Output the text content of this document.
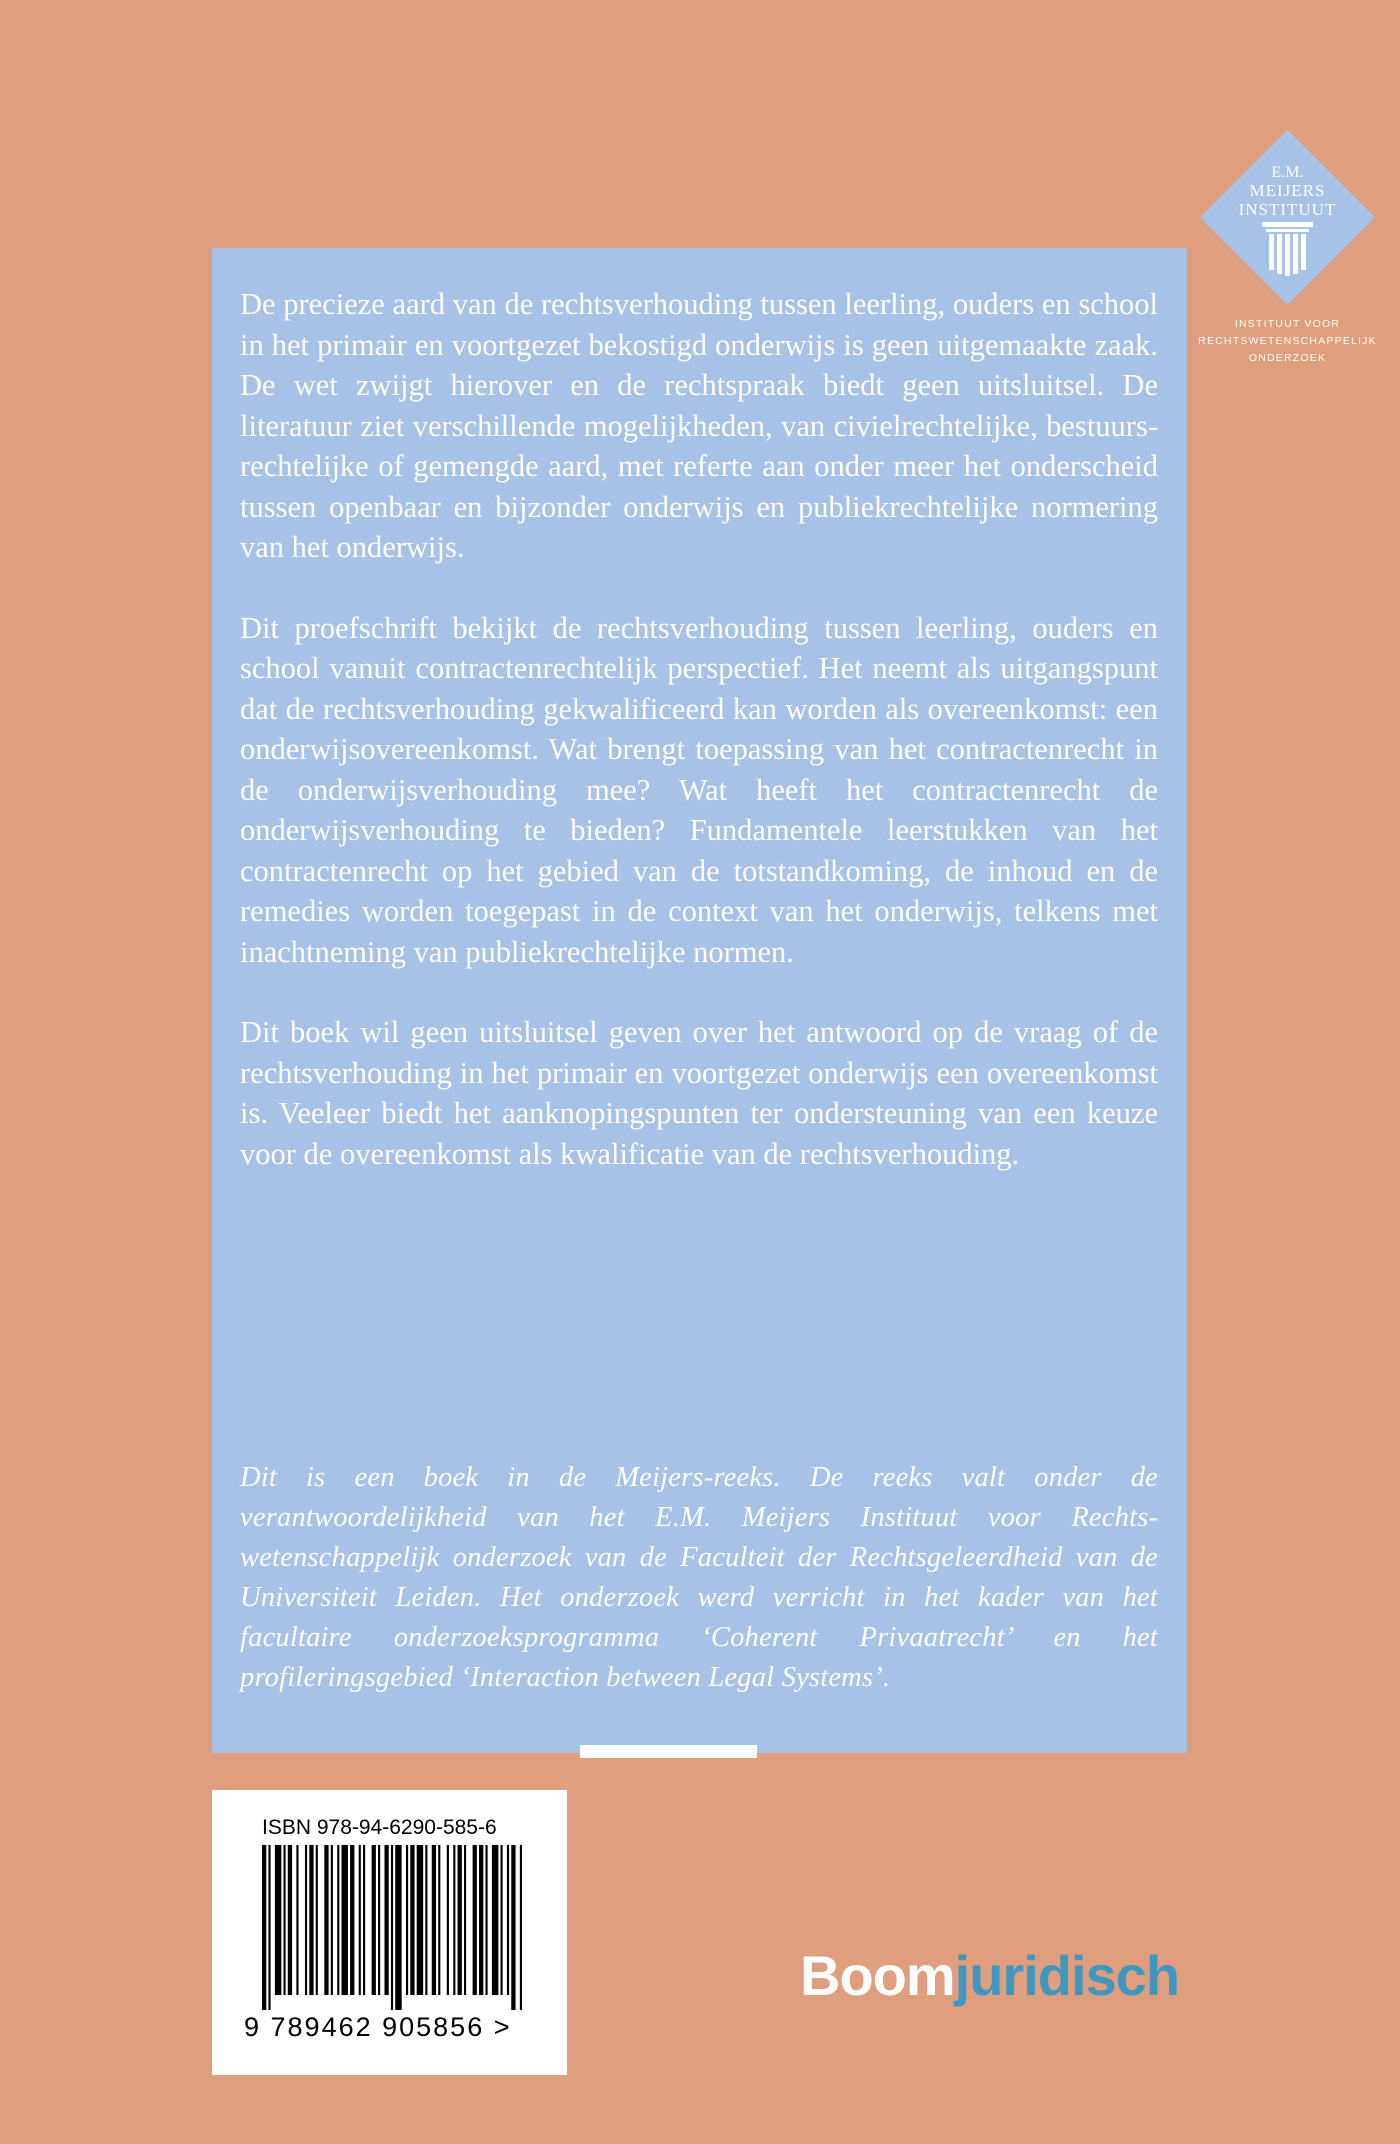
E.M.
MEIJERS
INSTITUUT
INSTITUUT VOOR
RECHTSWETENSCHAPPELIJK
ONDERZOEK

De precieze aard van de rechtsverhouding tussen leerling, ouders en school in het primair en voortgezet bekostigd onderwijs is geen uitgemaakte zaak. De wet zwijgt hierover en de rechtspraak biedt geen uitsluitsel. De literatuur ziet verschillende mogelijkheden, van civielrechtelijke, bestuursrechtelijke of gemengde aard, met referte aan onder meer het onderscheid tussen openbaar en bijzonder onderwijs en publiekrechtelijke normering van het onderwijs.

Dit proefschrift bekijkt de rechtsverhouding tussen leerling, ouders en school vanuit contractenrechtelijk perspectief. Het neemt als uitgangspunt dat de rechtsverhouding gekwalificeerd kan worden als overeenkomst: een onderwijsovereenkomst. Wat brengt toepassing van het contractenrecht in de onderwijsverhouding mee? Wat heeft het contractenrecht de onderwijsverhouding te bieden? Fundamentele leerstukken van het contractenrecht op het gebied van de totstandkoming, de inhoud en de remedies worden toegepast in de context van het onderwijs, telkens met inachtneming van publiekrechtelijke normen.

Dit boek wil geen uitsluitsel geven over het antwoord op de vraag of de rechtsverhouding in het primair en voortgezet onderwijs een overeenkomst is. Veeleer biedt het aanknopingspunten ter ondersteuning van een keuze voor de overeenkomst als kwalificatie van de rechtsverhouding.

Dit is een boek in de Meijers-reeks. De reeks valt onder de verantwoordelijkheid van het E.M. Meijers Instituut voor Rechtswetenschappelijk onderzoek van de Faculteit der Rechtsgeleerdheid van de Universiteit Leiden. Het onderzoek werd verricht in het kader van het facultaire onderzoeksprogramma ‘Coherent Privaatrecht’ en het profileringsgebied ‘Interaction between Legal Systems’.

ISBN 978-94-6290-585-6
9 789462 905856 >
Boomjuridisch
